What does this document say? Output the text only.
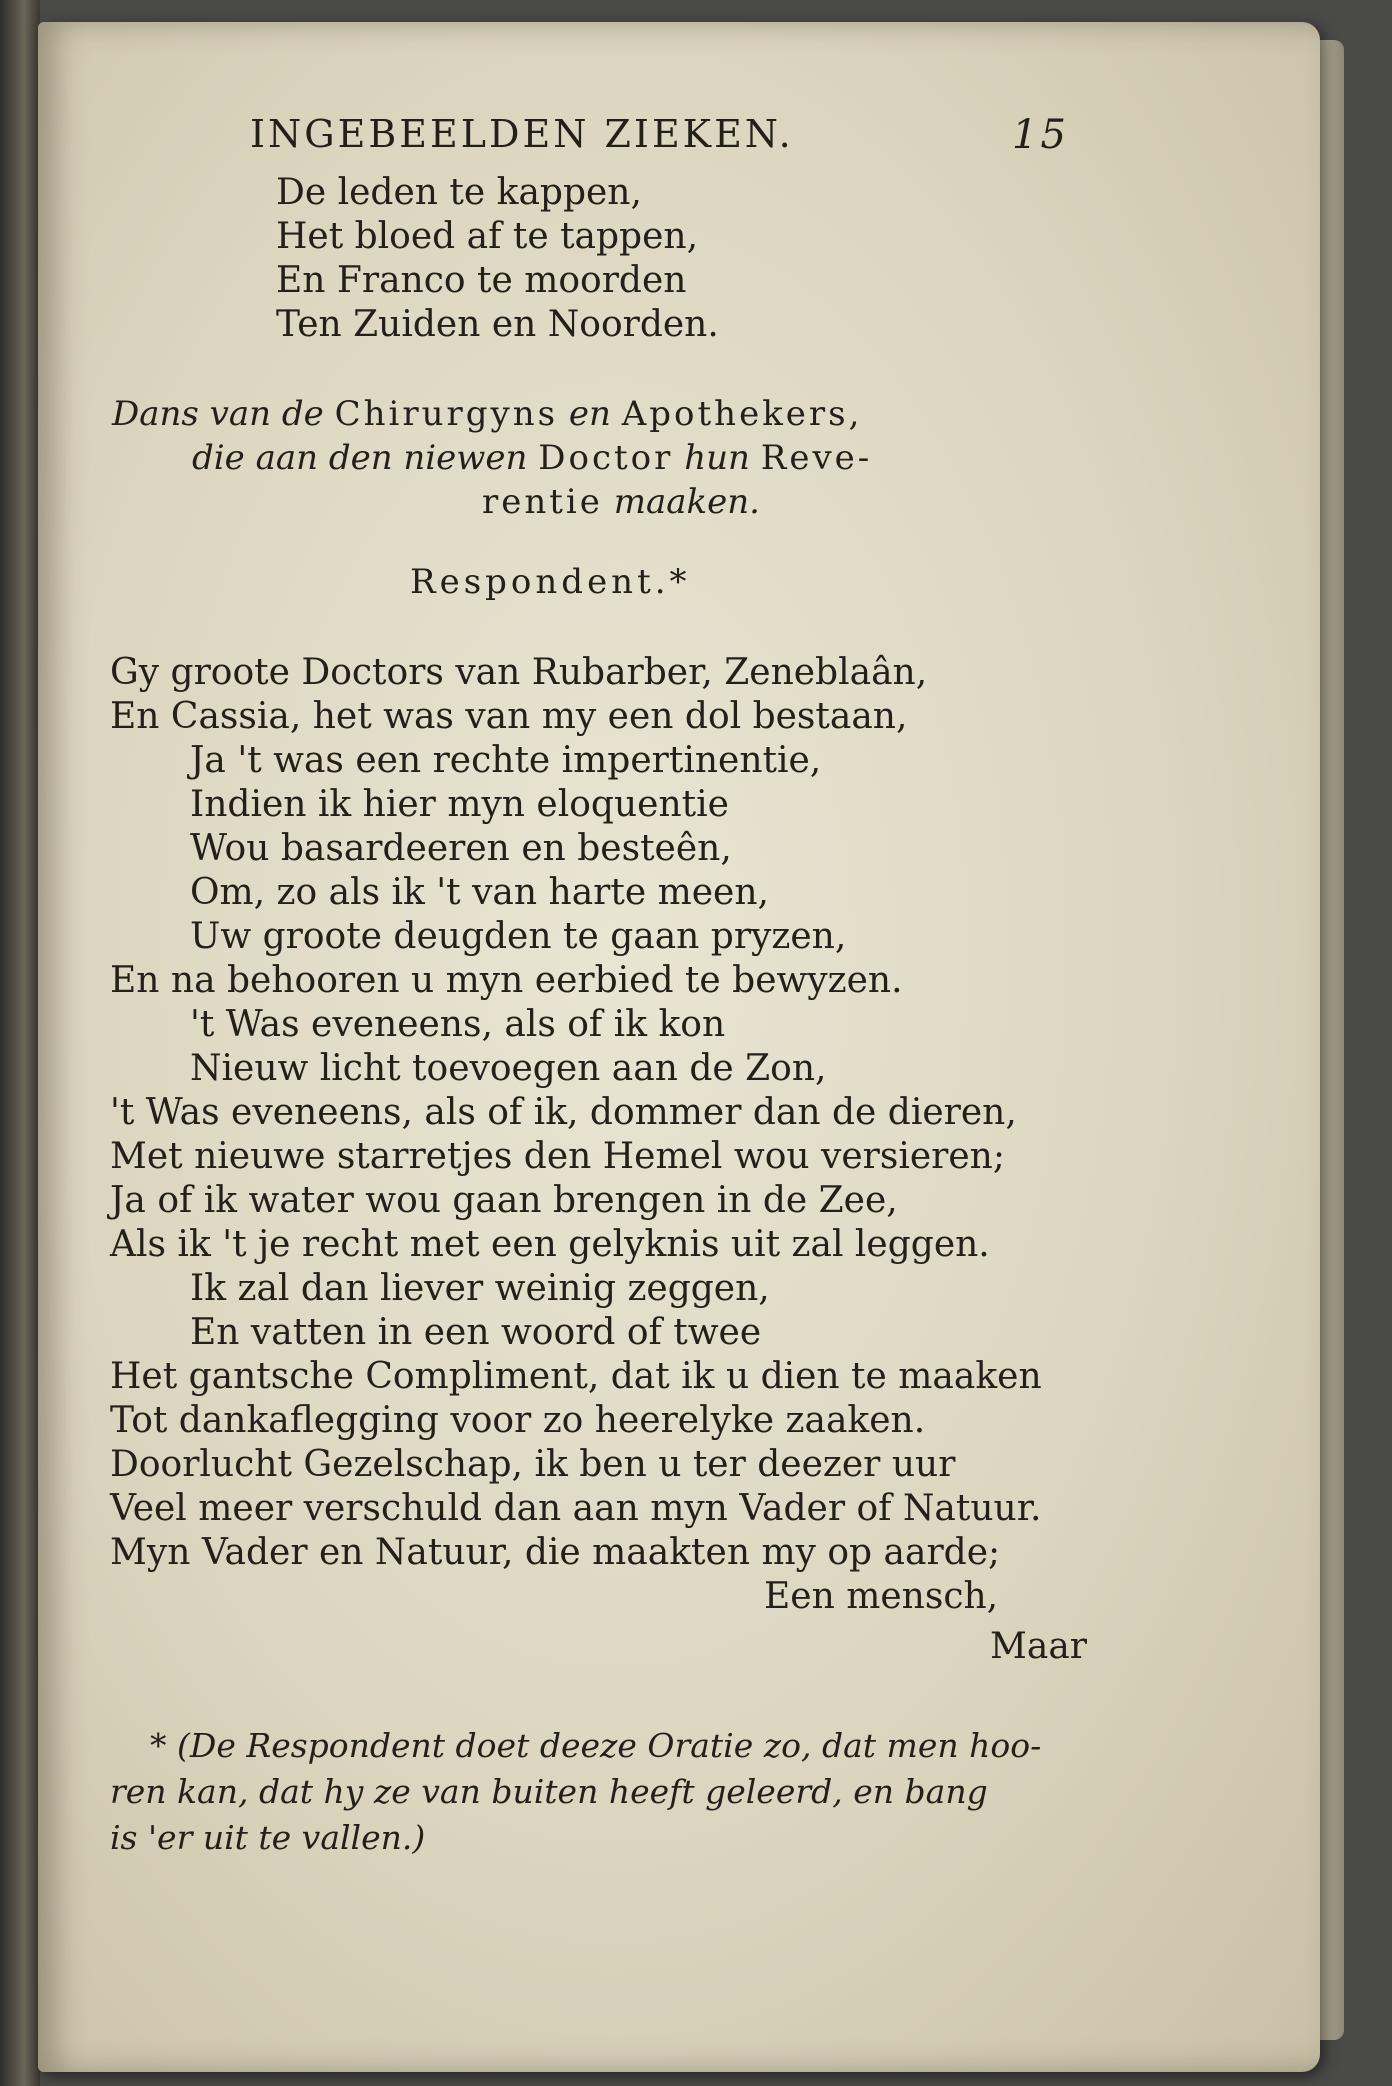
INGEBEELDEN ZIEKEN.	15
De leden te kappen,
Het bloed af te tappen,
En Franco te moorden
Ten Zuiden en Noorden.
Dans van de Chirurgyns en Apothekers,
die aan den niewen Doctor hun Reve-
rentie maaken.
Respondent.*
Gy groote Doctors van Rubarber, Zeneblaân,
En Cassia, het was van my een dol bestaan,
Ja 't was een rechte impertinentie,
Indien ik hier myn eloquentie
Wou basardeeren en besteên,
Om, zo als ik 't van harte meen,
Uw groote deugden te gaan pryzen,
En na behooren u myn eerbied te bewyzen.
't Was eveneens, als of ik kon
Nieuw licht toevoegen aan de Zon,
't Was eveneens, als of ik, dommer dan de dieren,
Met nieuwe starretjes den Hemel wou versieren;
Ja of ik water wou gaan brengen in de Zee,
Als ik 't je recht met een gelyknis uit zal leggen.
Ik zal dan liever weinig zeggen,
En vatten in een woord of twee
Het gantsche Compliment, dat ik u dien te maaken
Tot dankaflegging voor zo heerelyke zaaken.
Doorlucht Gezelschap, ik ben u ter deezer uur
Veel meer verschuld dan aan myn Vader of Natuur.
Myn Vader en Natuur, die maakten my op aarde;
Een mensch,
Maar
* (De Respondent doet deeze Oratie zo, dat men hoo-
ren kan, dat hy ze van buiten heeft geleerd, en bang
is 'er uit te vallen.)
